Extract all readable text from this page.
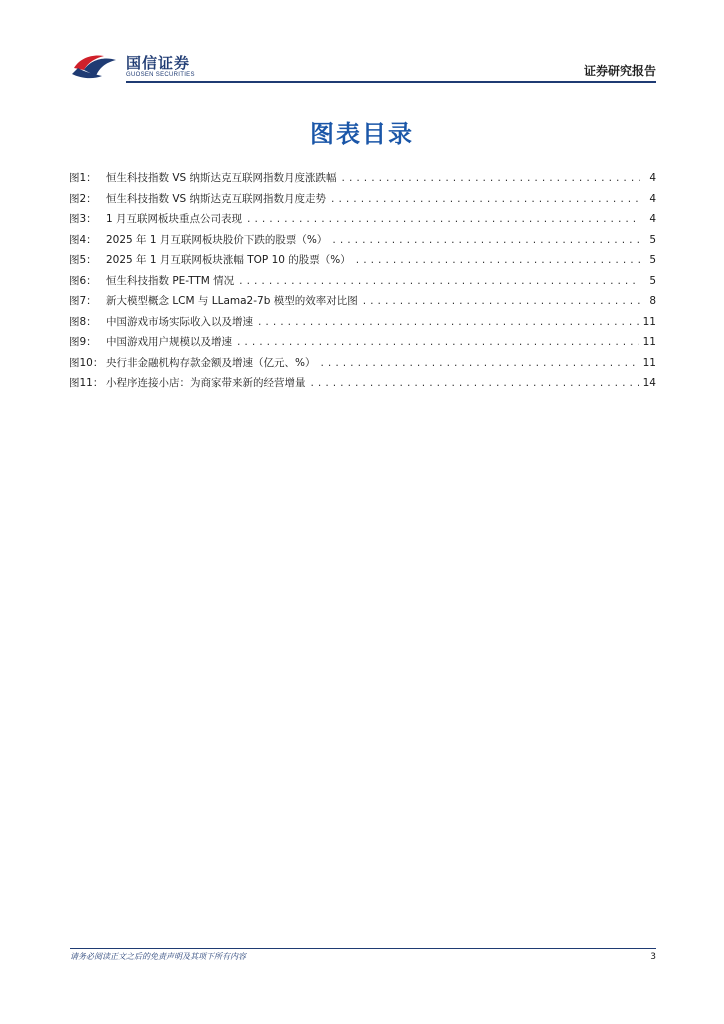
国信证券
GUOSEN SECURITIES	证券研究报告
图表目录
图1： 恒生科技指数 VS 纳斯达克互联网指数月度涨跌幅 .....	4
图2： 恒生科技指数 VS 纳斯达克互联网指数月度走势 .....	4
图3： 1 月互联网板块重点公司表现 .....	4
图4： 2025 年 1 月互联网板块股价下跌的股票（%） .....	5
图5： 2025 年 1 月互联网板块涨幅 TOP 10 的股票（%） .....	5
图6： 恒生科技指数 PE-TTM 情况 .....	5
图7： 新大模型概念 LCM 与 LLama2-7b 模型的效率对比图 .....	8
图8： 中国游戏市场实际收入以及增速 .....	11
图9： 中国游戏用户规模以及增速 .....	11
图10： 央行非金融机构存款金额及增速（亿元、%） .....	11
图11： 小程序连接小店：为商家带来新的经营增量 .....	14
请务必阅读正文之后的免责声明及其项下所有内容	3
